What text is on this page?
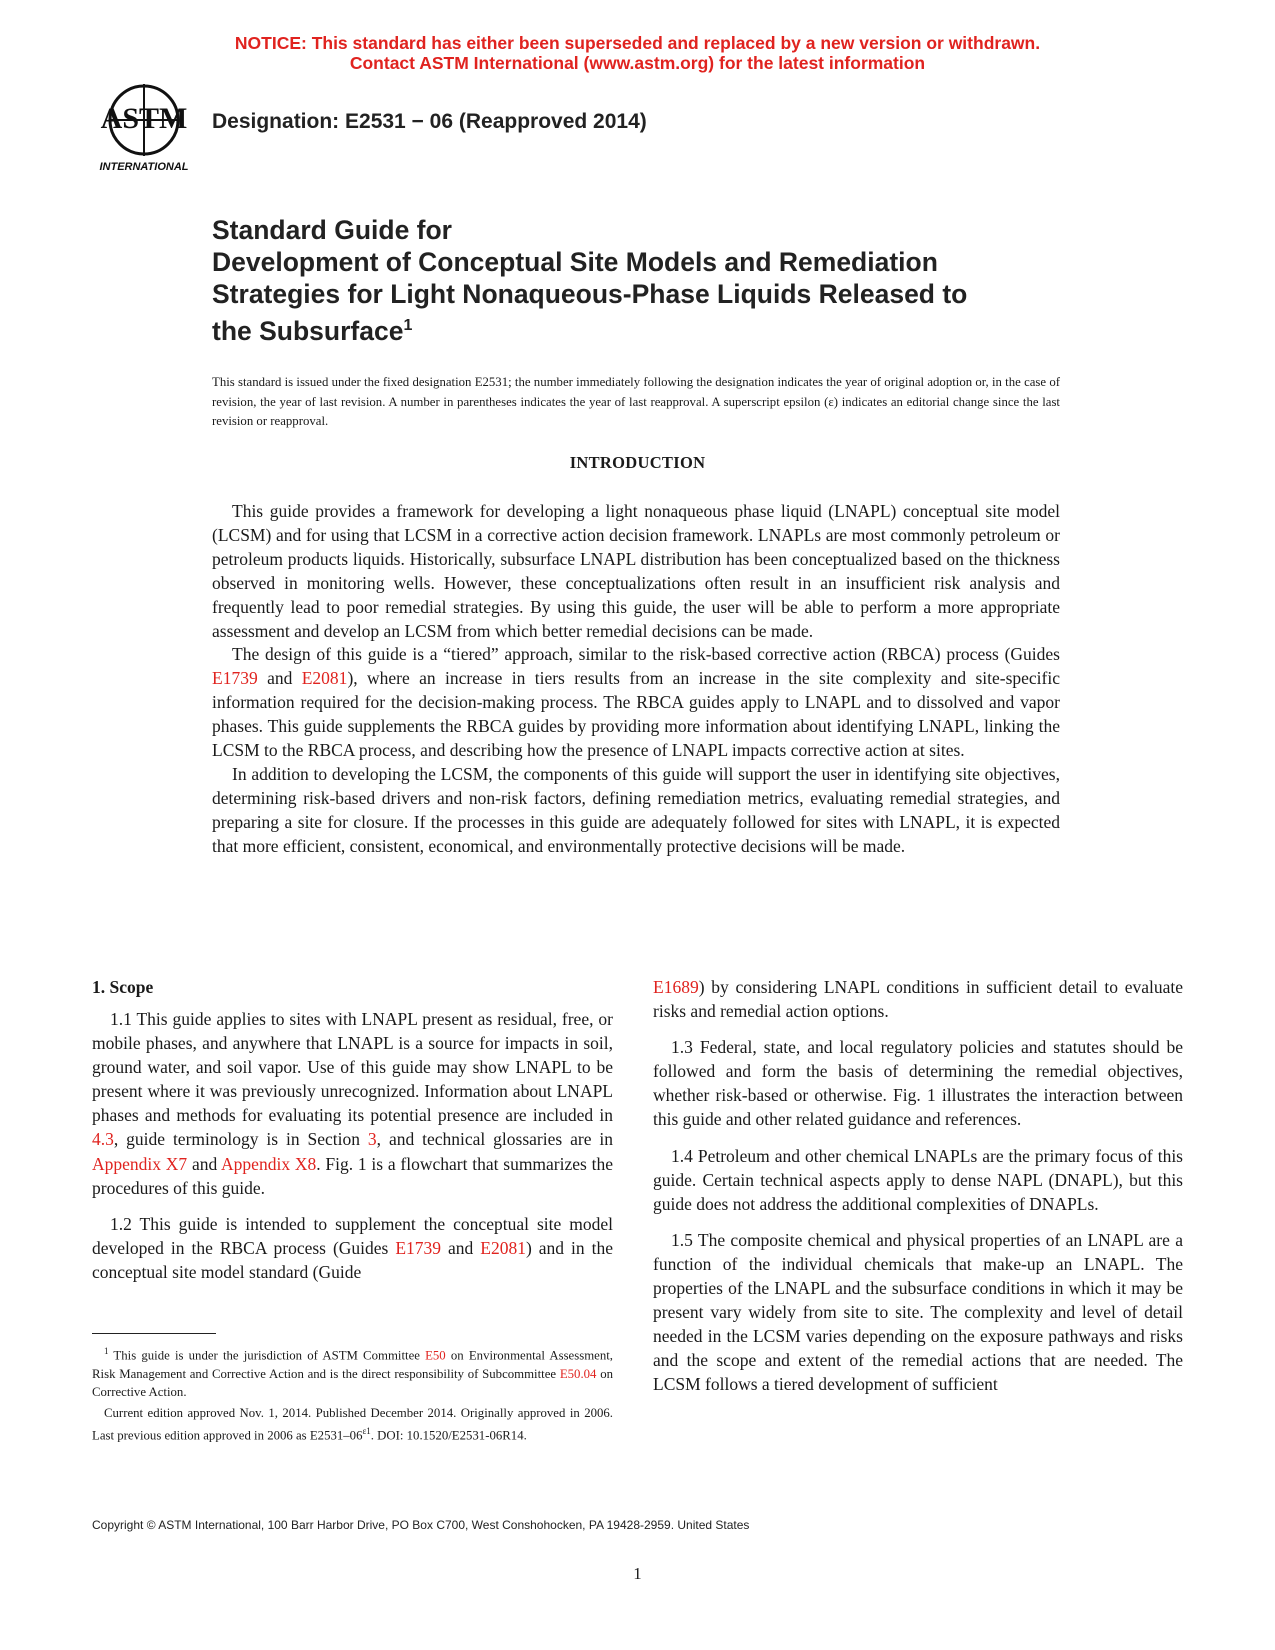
NOTICE: This standard has either been superseded and replaced by a new version or withdrawn.
Contact ASTM International (www.astm.org) for the latest information
ASTM
INTERNATIONAL
Designation: E2531 − 06 (Reapproved 2014)
Standard Guide for
Development of Conceptual Site Models and Remediation
Strategies for Light Nonaqueous-Phase Liquids Released to
the Subsurface$^1$
This standard is issued under the fixed designation E2531; the number immediately following the designation indicates the year of original adoption or, in the case of revision, the year of last revision. A number in parentheses indicates the year of last reapproval. A superscript epsilon (ε) indicates an editorial change since the last revision or reapproval.
INTRODUCTION

This guide provides a framework for developing a light nonaqueous phase liquid (LNAPL) conceptual site model (LCSM) and for using that LCSM in a corrective action decision framework. LNAPLs are most commonly petroleum or petroleum products liquids. Historically, subsurface LNAPL distribution has been conceptualized based on the thickness observed in monitoring wells. However, these conceptualizations often result in an insufficient risk analysis and frequently lead to poor remedial strategies. By using this guide, the user will be able to perform a more appropriate assessment and develop an LCSM from which better remedial decisions can be made.

The design of this guide is a “tiered” approach, similar to the risk-based corrective action (RBCA) process (Guides E1739 and E2081), where an increase in tiers results from an increase in the site complexity and site-specific information required for the decision-making process. The RBCA guides apply to LNAPL and to dissolved and vapor phases. This guide supplements the RBCA guides by providing more information about identifying LNAPL, linking the LCSM to the RBCA process, and describing how the presence of LNAPL impacts corrective action at sites.

In addition to developing the LCSM, the components of this guide will support the user in identifying site objectives, determining risk-based drivers and non-risk factors, defining remediation metrics, evaluating remedial strategies, and preparing a site for closure. If the processes in this guide are adequately followed for sites with LNAPL, it is expected that more efficient, consistent, economical, and environmentally protective decisions will be made.

1. Scope

1.1 This guide applies to sites with LNAPL present as residual, free, or mobile phases, and anywhere that LNAPL is a source for impacts in soil, ground water, and soil vapor. Use of this guide may show LNAPL to be present where it was previously unrecognized. Information about LNAPL phases and methods for evaluating its potential presence are included in 4.3, guide terminology is in Section 3, and technical glossaries are in Appendix X7 and Appendix X8. Fig. 1 is a flowchart that summarizes the procedures of this guide.

1.2 This guide is intended to supplement the conceptual site model developed in the RBCA process (Guides E1739 and E2081) and in the conceptual site model standard (Guide

E1689) by considering LNAPL conditions in sufficient detail to evaluate risks and remedial action options.

1.3 Federal, state, and local regulatory policies and statutes should be followed and form the basis of determining the remedial objectives, whether risk-based or otherwise. Fig. 1 illustrates the interaction between this guide and other related guidance and references.

1.4 Petroleum and other chemical LNAPLs are the primary focus of this guide. Certain technical aspects apply to dense NAPL (DNAPL), but this guide does not address the additional complexities of DNAPLs.

1.5 The composite chemical and physical properties of an LNAPL are a function of the individual chemicals that make-up an LNAPL. The properties of the LNAPL and the subsurface conditions in which it may be present vary widely from site to site. The complexity and level of detail needed in the LCSM varies depending on the exposure pathways and risks and the scope and extent of the remedial actions that are needed. The LCSM follows a tiered development of sufficient

$^1$ This guide is under the jurisdiction of ASTM Committee E50 on Environmental Assessment, Risk Management and Corrective Action and is the direct responsibility of Subcommittee E50.04 on Corrective Action.

Current edition approved Nov. 1, 2014. Published December 2014. Originally approved in 2006. Last previous edition approved in 2006 as $E2531-06^{\varepsilon 1}$. DOI: 10.1520/E2531-06R14.

Copyright © ASTM International, 100 Barr Harbor Drive, PO Box C700, West Conshohocken, PA 19428-2959. United States
1
